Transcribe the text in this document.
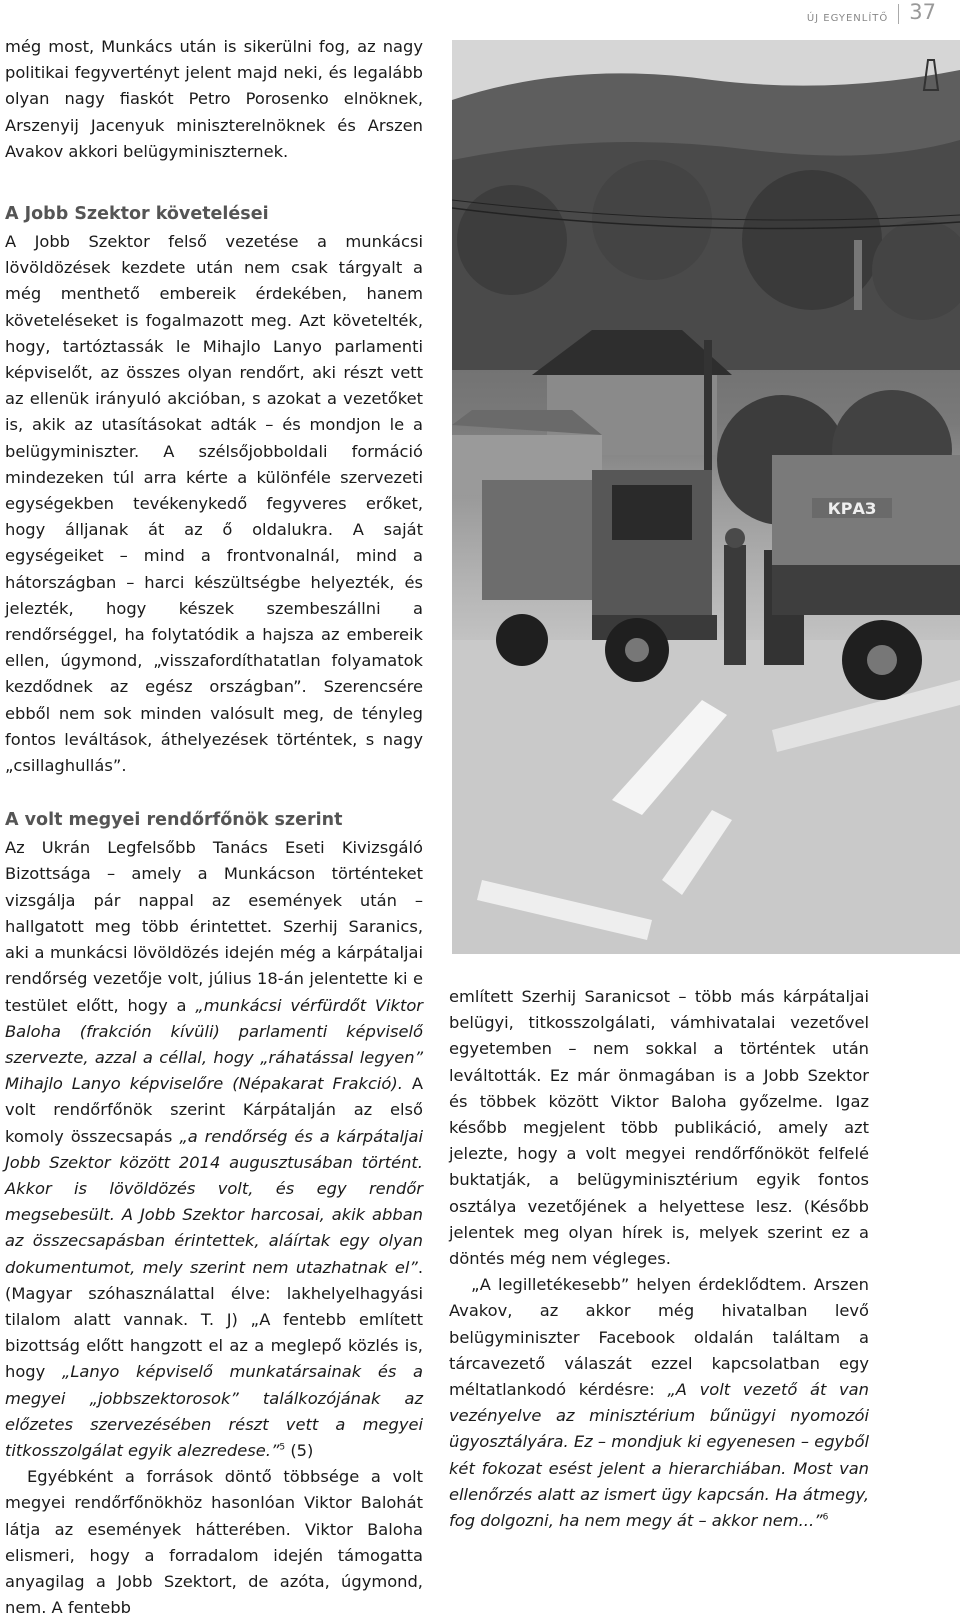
ÚJ EGYENLÍTŐ 37

még most, Munkács után is sikerülni fog, az nagy politikai fegyvertényt jelent majd neki, és legalább olyan nagy fiaskót Petro Porosenko elnöknek, Arszenyij Jacenyuk miniszterelnöknek és Arszen Avakov akkori belügyminiszternek.

A Jobb Szektor követelései

A Jobb Szektor felső vezetése a munkácsi lövöldözések kezdete után nem csak tárgyalt a még menthető embereik érdekében, hanem követeléseket is fogalmazott meg. Azt követelték, hogy, tartóztassák le Mihajlo Lanyo parlamenti képviselőt, az összes olyan rendőrt, aki részt vett az ellenük irányuló akcióban, s azokat a vezetőket is, akik az utasításokat adták – és mondjon le a belügyminiszter. A szélsőjobboldali formáció mindezeken túl arra kérte a különféle szervezeti egységekben tevékenykedő fegyveres erőket, hogy álljanak át az ő oldalukra. A saját egységeiket – mind a frontvonalnál, mind a hátországban – harci készültségbe helyezték, és jelezték, hogy készek szembeszállni a rendőrséggel, ha folytatódik a hajsza az embereik ellen, úgymond, „visszafordíthatatlan folyamatok kezdődnek az egész országban”. Szerencsére ebből nem sok minden valósult meg, de tényleg fontos leváltások, áthelyezések történtek, s nagy „csillaghullás”.

A volt megyei rendőrfőnök szerint

Az Ukrán Legfelsőbb Tanács Eseti Kivizsgáló Bizottsága – amely a Munkácson történteket vizsgálja pár nappal az események után – hallgatott meg több érintettet. Szerhij Saranics, aki a munkácsi lövöldözés idején még a kárpátaljai rendőrség vezetője volt, július 18-án jelentette ki e testület előtt, hogy a „munkácsi vérfürdőt Viktor Baloha (frakción kívüli) parlamenti képviselő szervezte, azzal a céllal, hogy „ráhatással legyen” Mihajlo Lanyo képviselőre (Népakarat Frakció). A volt rendőrfőnök szerint Kárpátalján az első komoly összecsapás „a rendőrség és a kárpátaljai Jobb Szektor között 2014 augusztusában történt. Akkor is lövöldözés volt, és egy rendőr megsebesült. A Jobb Szektor harcosai, akik abban az összecsapásban érintettek, aláírtak egy olyan dokumentumot, mely szerint nem utazhatnak el”. (Magyar szóhasználattal élve: lakhelyelhagyási tilalom alatt vannak. T. J) „A fentebb említett bizottság előtt hangzott el az a meglepő közlés is, hogy „Lanyo képviselő munkatársainak és a megyei „jobbszektorosok” találkozójának az előzetes szervezésében részt vett a megyei titkosszolgálat egyik alezredese.”$^5$ (5)

Egyébként a források döntő többsége a volt megyei rendőrfőnökhöz hasonlóan Viktor Balohát látja az események hátterében. Viktor Baloha elismeri, hogy a forradalom idején támogatta anyagilag a Jobb Szektort, de azóta, úgymond, nem. A fentebb

КРАЗ

említett Szerhij Saranicsot – több más kárpátaljai belügyi, titkosszolgálati, vámhivatalai vezetővel egyetemben – nem sokkal a történtek után leváltották. Ez már önmagában is a Jobb Szektor és többek között Viktor Baloha győzelme. Igaz később megjelent több publikáció, amely azt jelezte, hogy a volt megyei rendőrfőnököt felfelé buktatják, a belügyminisztérium egyik fontos osztálya vezetőjének a helyettese lesz. (Később jelentek meg olyan hírek is, melyek szerint ez a döntés még nem végleges.

„A legilletékesebb” helyen érdeklődtem. Arszen Avakov, az akkor még hivatalban levő belügyminiszter Facebook oldalán találtam a tárcavezető válaszát ezzel kapcsolatban egy méltatlankodó kérdésre: „A volt vezető át van vezényelve az minisztérium bűnügyi nyomozói ügyosztályára. Ez – mondjuk ki egyenesen – egyből két fokozat esést jelent a hierarchiában. Most van ellenőrzés alatt az ismert ügy kapcsán. Ha átmegy, fog dolgozni, ha nem megy át – akkor nem...”$^6$
